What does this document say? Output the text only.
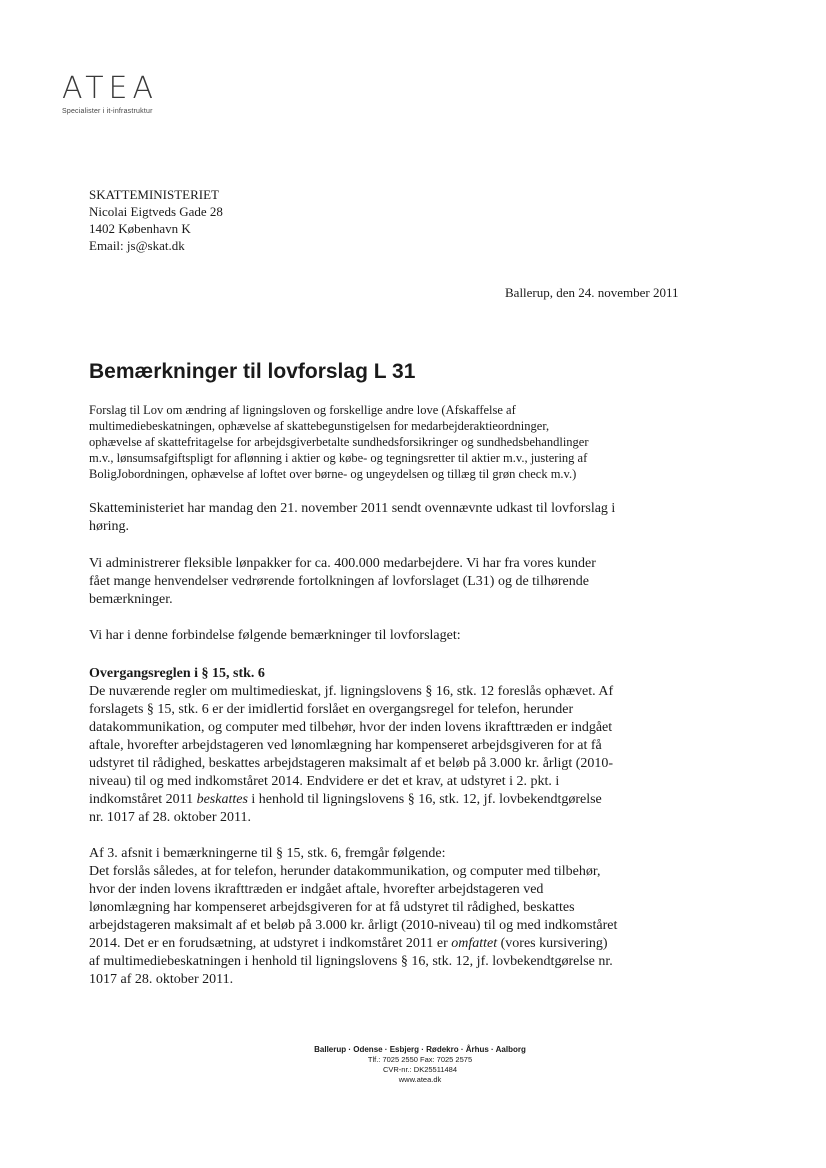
ATEA
Specialister i it-infrastruktur
SKATTEMINISTERIET
Nicolai Eigtveds Gade 28
1402 København K
Email: js@skat.dk
Ballerup, den 24. november 2011
Bemærkninger til lovforslag L 31
Forslag til Lov om ændring af ligningsloven og forskellige andre love (Afskaffelse af
multimediebeskatningen, ophævelse af skattebegunstigelsen for medarbejderaktieordninger,
ophævelse af skattefritagelse for arbejdsgiverbetalte sundhedsforsikringer og sundhedsbehandlinger
m.v., lønsumsafgiftspligt for aflønning i aktier og købe- og tegningsretter til aktier m.v., justering af
BoligJobordningen, ophævelse af loftet over børne- og ungeydelsen og tillæg til grøn check m.v.)
Skatteministeriet har mandag den 21. november 2011 sendt ovennævnte udkast til lovforslag i
høring.
Vi administrerer fleksible lønpakker for ca. 400.000 medarbejdere. Vi har fra vores kunder
fået mange henvendelser vedrørende fortolkningen af lovforslaget (L31) og de tilhørende
bemærkninger.
Vi har i denne forbindelse følgende bemærkninger til lovforslaget:
Overgangsreglen i § 15, stk. 6
De nuværende regler om multimedieskat, jf. ligningslovens § 16, stk. 12 foreslås ophævet. Af
forslagets § 15, stk. 6 er der imidlertid forslået en overgangsregel for telefon, herunder
datakommunikation, og computer med tilbehør, hvor der inden lovens ikrafttræden er indgået
aftale, hvorefter arbejdstageren ved lønomlægning har kompenseret arbejdsgiveren for at få
udstyret til rådighed, beskattes arbejdstageren maksimalt af et beløb på 3.000 kr. årligt (2010-
niveau) til og med indkomståret 2014. Endvidere er det et krav, at udstyret i 2. pkt. i
indkomståret 2011 beskattes i henhold til ligningslovens § 16, stk. 12, jf. lovbekendtgørelse
nr. 1017 af 28. oktober 2011.
Af 3. afsnit i bemærkningerne til § 15, stk. 6, fremgår følgende:
Det forslås således, at for telefon, herunder datakommunikation, og computer med tilbehør,
hvor der inden lovens ikrafttræden er indgået aftale, hvorefter arbejdstageren ved
lønomlægning har kompenseret arbejdsgiveren for at få udstyret til rådighed, beskattes
arbejdstageren maksimalt af et beløb på 3.000 kr. årligt (2010-niveau) til og med indkomståret
2014. Det er en forudsætning, at udstyret i indkomståret 2011 er omfattet (vores kursivering)
af multimediebeskatningen i henhold til ligningslovens § 16, stk. 12, jf. lovbekendtgørelse nr.
1017 af 28. oktober 2011.
Ballerup · Odense · Esbjerg · Rødekro · Århus · Aalborg
Tlf.: 7025 2550 Fax: 7025 2575
CVR-nr.: DK25511484
www.atea.dk
